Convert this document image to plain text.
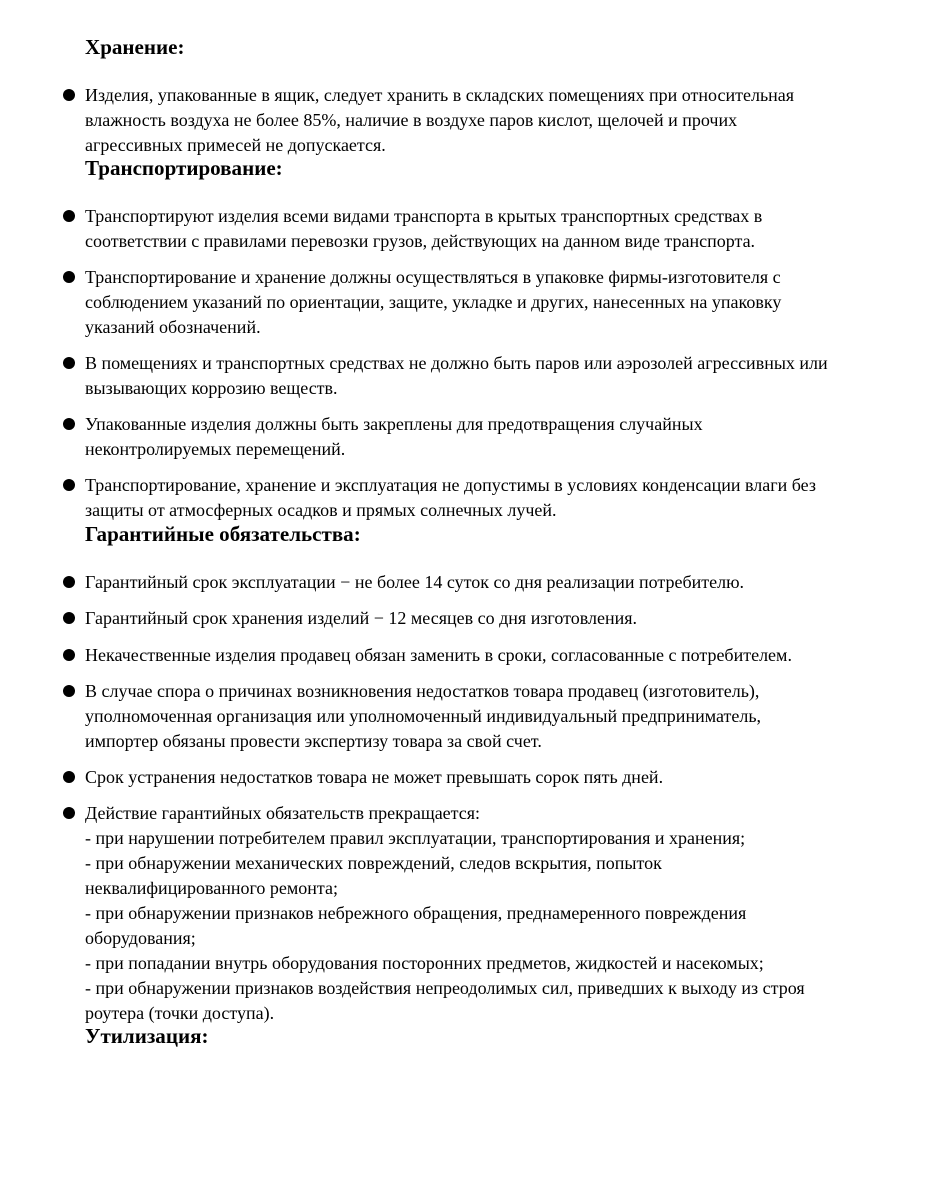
Хранение:
Изделия, упакованные в ящик, следует хранить в складских помещениях при относительная
влажность воздуха не более 85%, наличие в воздухе паров кислот, щелочей и прочих
агрессивных примесей не допускается.
Транспортирование:
Транспортируют изделия всеми видами транспорта в крытых транспортных средствах в
соответствии с правилами перевозки грузов, действующих на данном виде транспорта.
Транспортирование и хранение должны осуществляться в упаковке фирмы-изготовителя с
соблюдением указаний по ориентации, защите, укладке и других, нанесенных на упаковку
указаний обозначений.
В помещениях и транспортных средствах не должно быть паров или аэрозолей агрессивных или
вызывающих коррозию веществ.
Упакованные изделия должны быть закреплены для предотвращения случайных
неконтролируемых перемещений.
Транспортирование, хранение и эксплуатация не допустимы в условиях конденсации влаги без
защиты от атмосферных осадков и прямых солнечных лучей.
Гарантийные обязательства:
Гарантийный срок эксплуатации − не более 14 суток со дня реализации потребителю.
Гарантийный срок хранения изделий − 12 месяцев со дня изготовления.
Некачественные изделия продавец обязан заменить в сроки, согласованные с потребителем.
В случае спора о причинах возникновения недостатков товара продавец (изготовитель),
уполномоченная организация или уполномоченный индивидуальный предприниматель,
импортер обязаны провести экспертизу товара за свой счет.
Срок устранения недостатков товара не может превышать сорок пять дней.
Действие гарантийных обязательств прекращается:
- при нарушении потребителем правил эксплуатации, транспортирования и хранения;
- при обнаружении механических повреждений, следов вскрытия, попыток
неквалифицированного ремонта;
- при обнаружении признаков небрежного обращения, преднамеренного повреждения
оборудования;
- при попадании внутрь оборудования посторонних предметов, жидкостей и насекомых;
- при обнаружении признаков воздействия непреодолимых сил, приведших к выходу из строя
роутера (точки доступа).
Утилизация:
